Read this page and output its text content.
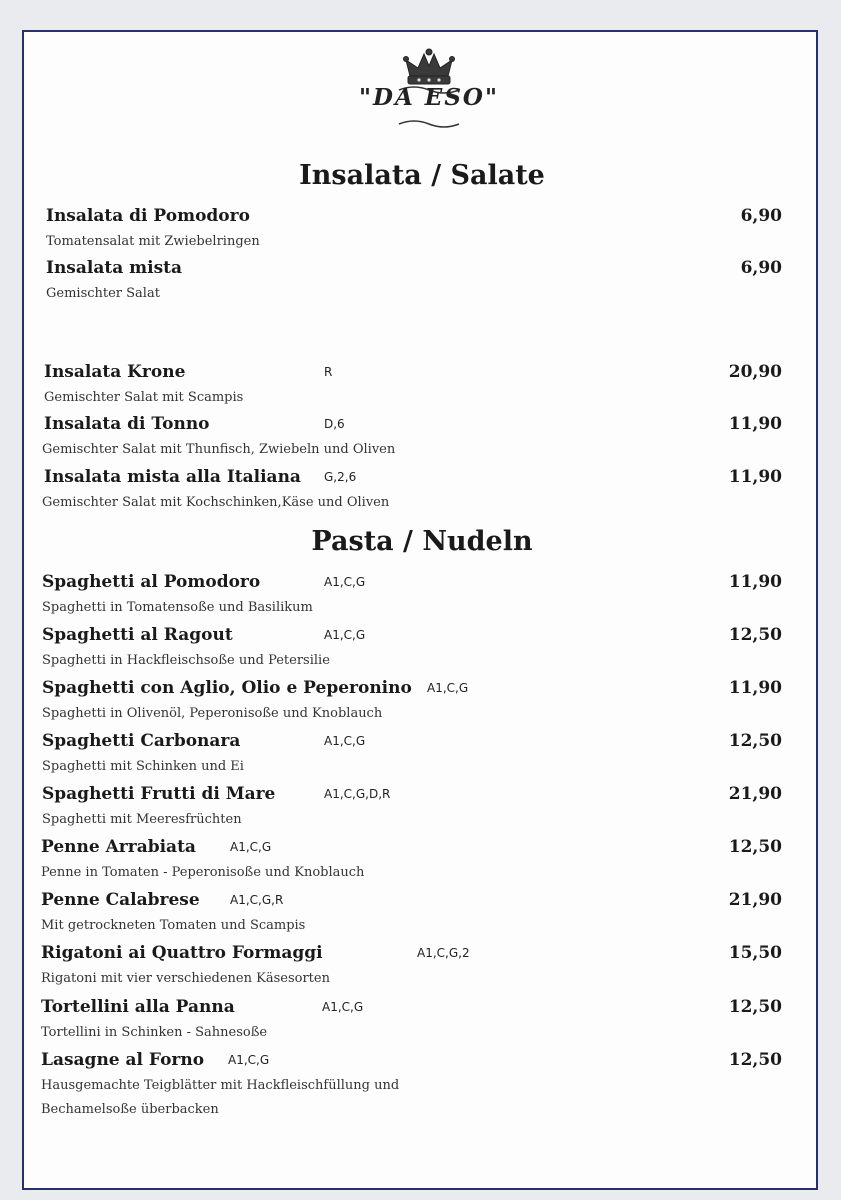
"DA ESO"
Insalata / Salate
Insalata di Pomodoro	6,90
Tomatensalat mit Zwiebelringen
Insalata mista	6,90
Gemischter Salat
Insalata Krone	R	20,90
Gemischter Salat mit Scampis
Insalata di Tonno	D,6	11,90
Gemischter Salat mit Thunfisch, Zwiebeln und Oliven
Insalata mista alla Italiana G,2,6	11,90
Gemischter Salat mit Kochschinken,Käse und Oliven
Pasta / Nudeln
Spaghetti al Pomodoro	A1,C,G	11,90
Spaghetti in Tomatensoße und Basilikum
Spaghetti al Ragout	A1,C,G	12,50
Spaghetti in Hackfleischsoße und Petersilie
Spaghetti con Aglio, Olio e Peperonino A1,C,G	11,90
Spaghetti in Olivenöl, Peperonisoße und Knoblauch
Spaghetti Carbonara	A1,C,G	12,50
Spaghetti mit Schinken und Ei
Spaghetti Frutti di Mare	A1,C,G,D,R	21,90
Spaghetti mit Meeresfrüchten
Penne Arrabiata	A1,C,G	12,50
Penne in Tomaten - Peperonisoße und Knoblauch
Penne Calabrese	A1,C,G,R	21,90
Mit getrockneten Tomaten und Scampis
Rigatoni ai Quattro Formaggi	A1,C,G,2	15,50
Rigatoni mit vier verschiedenen Käsesorten
Tortellini alla Panna	A1,C,G	12,50
Tortellini in Schinken - Sahnesoße
Lasagne al Forno A1,C,G	12,50
Hausgemachte Teigblätter mit Hackfleischfüllung und Bechamelsoße überbacken
